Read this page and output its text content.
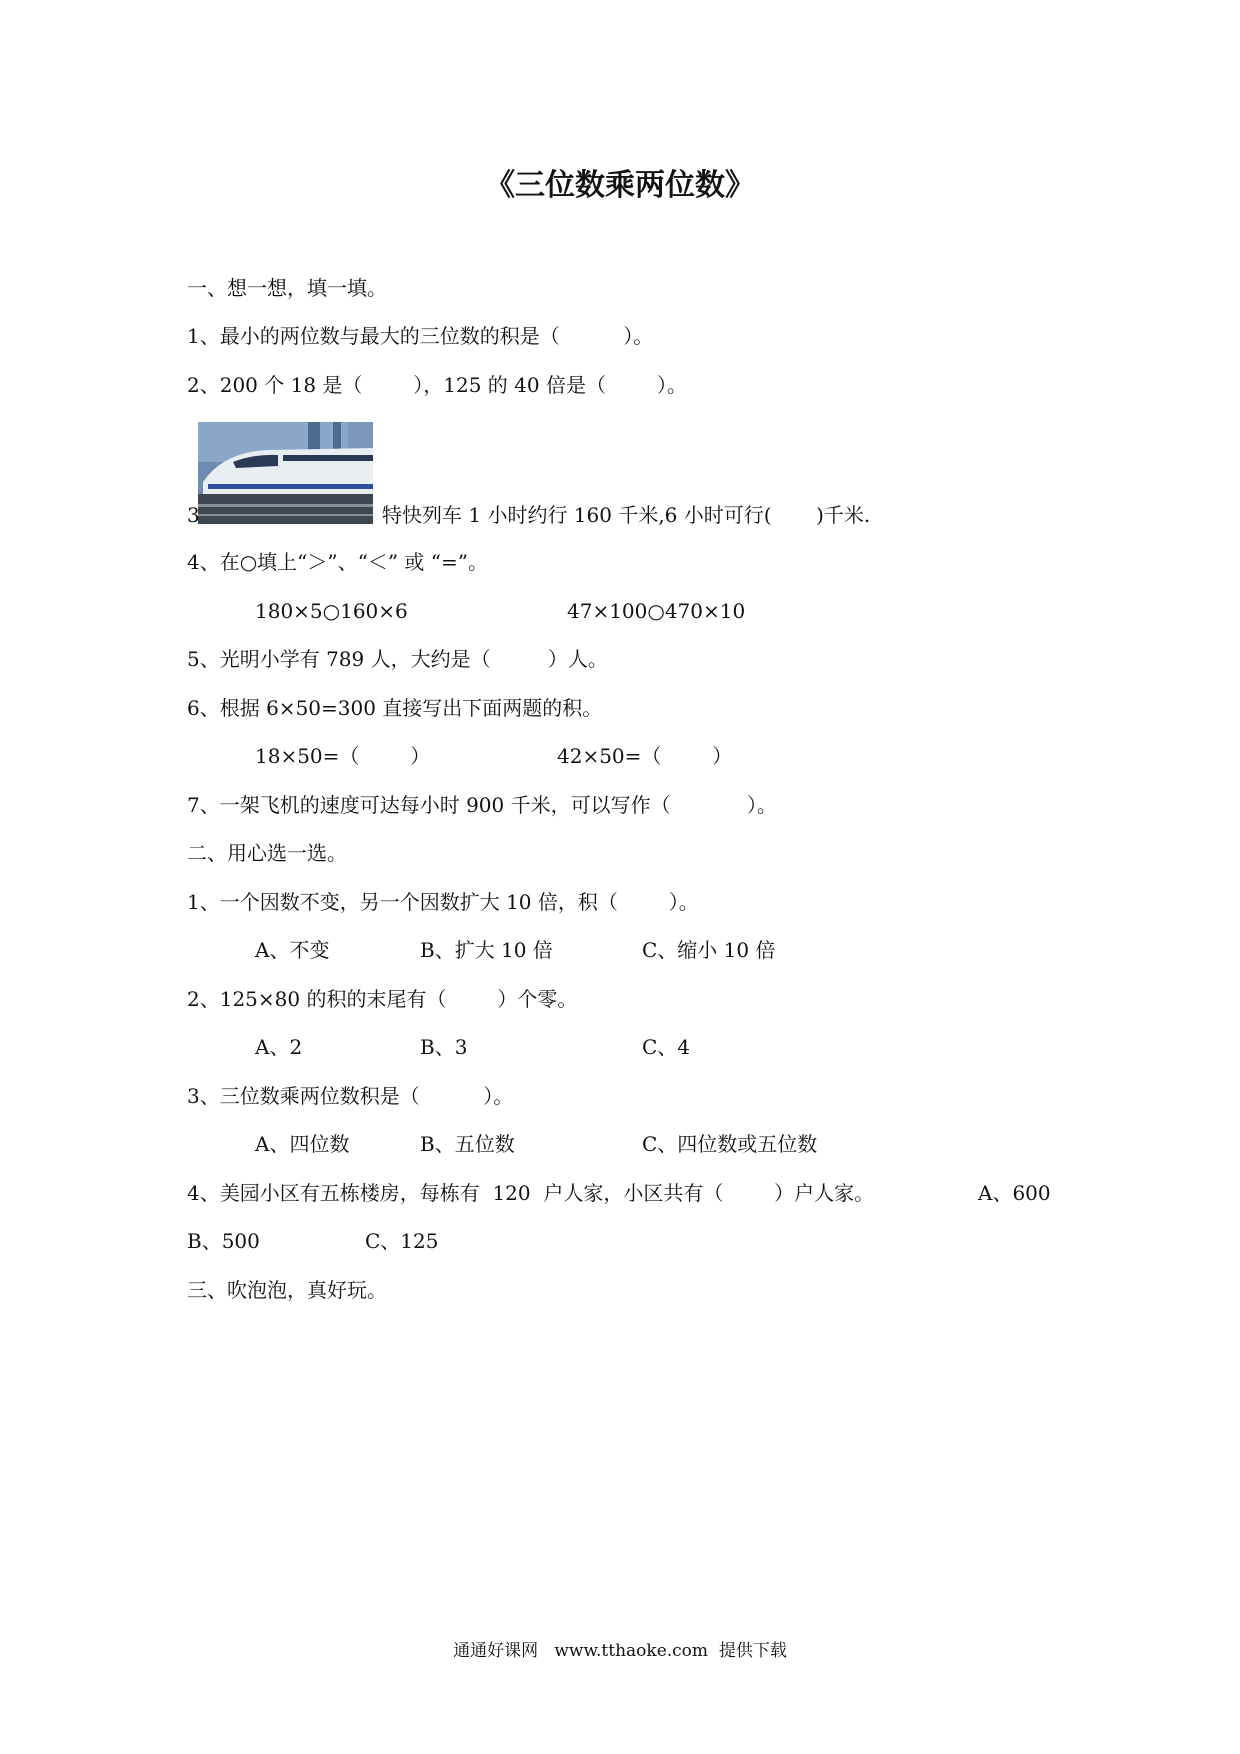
《三位数乘两位数》
一、想一想，填一填。
1、最小的两位数与最大的三位数的积是（          ）。
2、200 个 18 是（        ），125 的 40 倍是（        ）。
3	特快列车 1 小时约行 160 千米,6 小时可行(       )千米.
4、在○填上“＞”、“＜” 或 “=”。
180×5○160×6	47×100○470×10
5、光明小学有 789 人，大约是（         ）人。
6、根据 6×50=300 直接写出下面两题的积。
18×50=（        ）	42×50=（        ）
7、一架飞机的速度可达每小时 900 千米，可以写作（            ）。
二、用心选一选。
1、一个因数不变，另一个因数扩大 10 倍，积（        ）。
A、不变	B、扩大 10 倍	C、缩小 10 倍
2、125×80 的积的末尾有（        ）个零。
A、2	B、3	C、4
3、三位数乘两位数积是（          ）。
A、四位数	B、五位数	C、四位数或五位数
4、美园小区有五栋楼房，每栋有  120  户人家，小区共有（        ）户人家。	A、600
B、500	C、125
三、吹泡泡，真好玩。
通通好课网   www.tthaoke.com  提供下载
